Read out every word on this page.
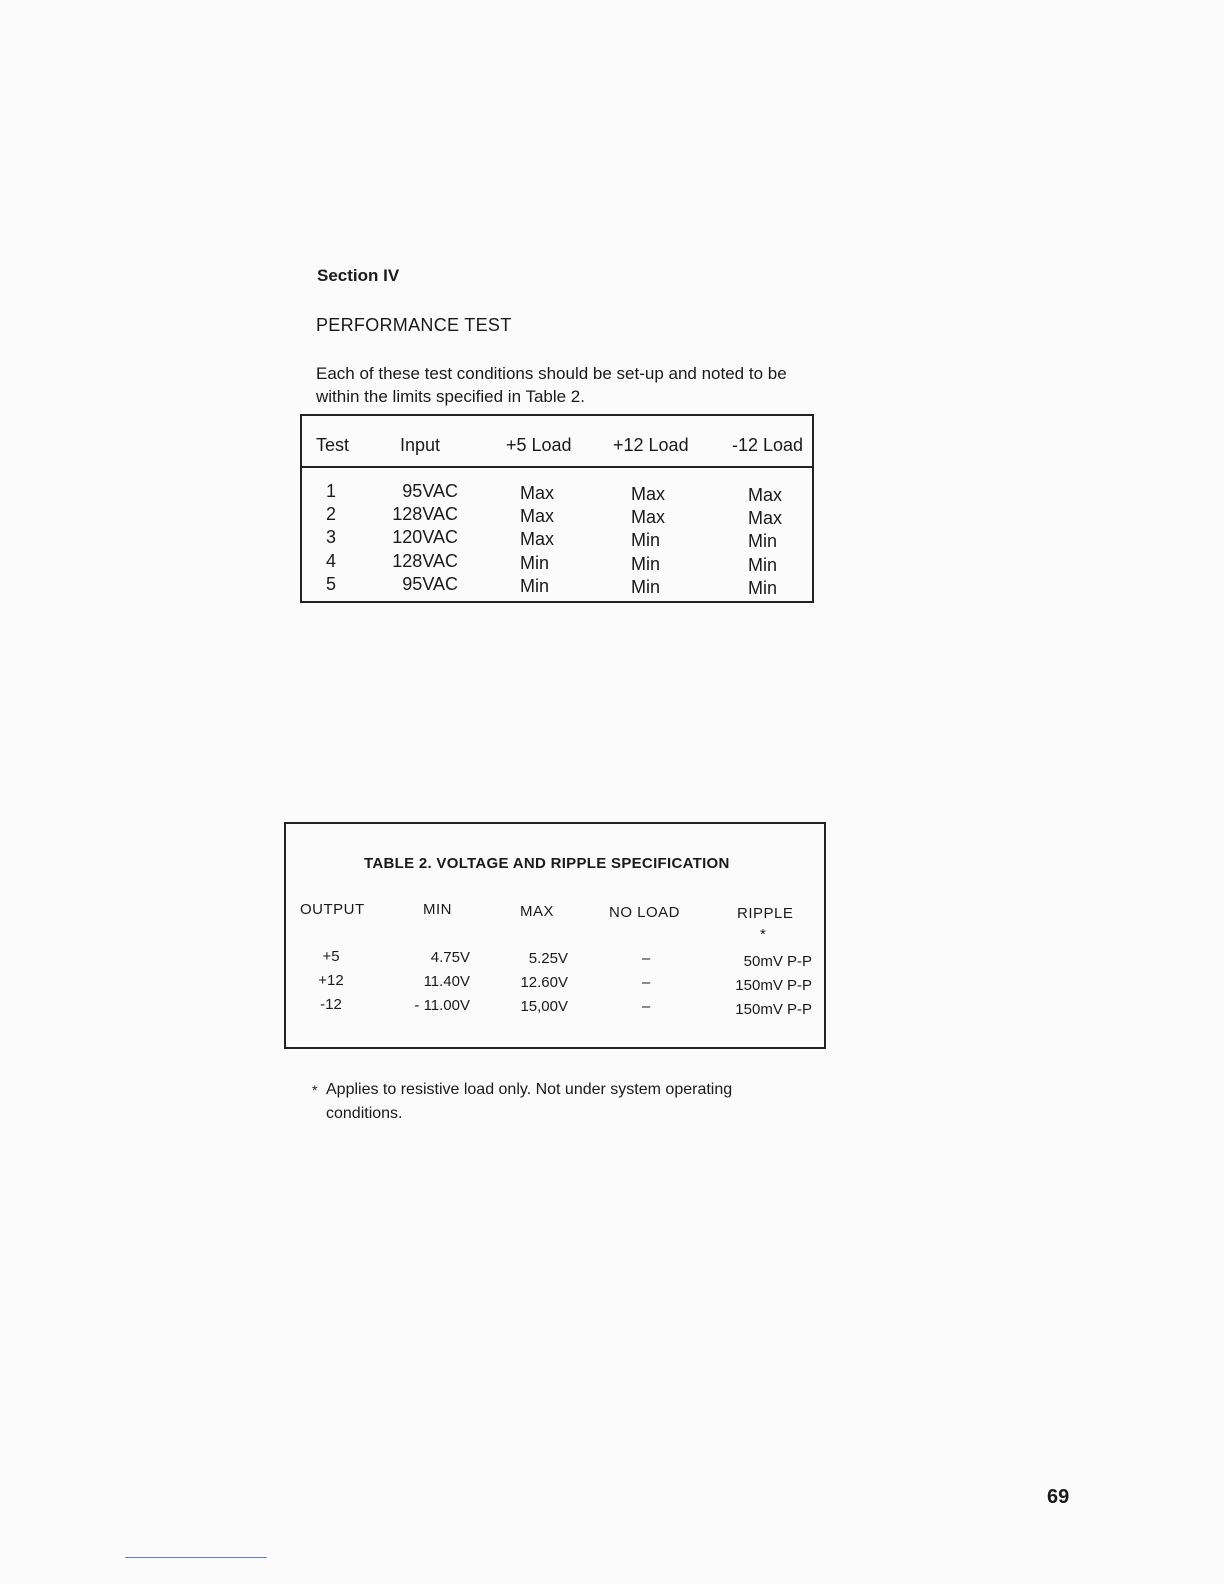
Section IV
PERFORMANCE TEST
Each of these test conditions should be set-up and noted to be within the limits specified in Table 2.
Test	Input	+5 Load +12 Load -12 Load
1	95VAC	Max	Max	Max
2	128VAC	Max	Max	Max
3	120VAC	Max	Min	Min
4	128VAC	Min	Min	Min
5	95VAC	Min	Min	Min
TABLE 2. VOLTAGE AND RIPPLE SPECIFICATION
OUTPUT	MIN	MAX	NO LOAD	RIPPLE
*
+5	4.75V	5.25V	–	50mV P-P
+12	11.40V	12.60V	–	150mV P-P
-12	- 11.00V	15,00V	–	150mV P-P
* Applies to resistive load only. Not under system operating conditions.
69
